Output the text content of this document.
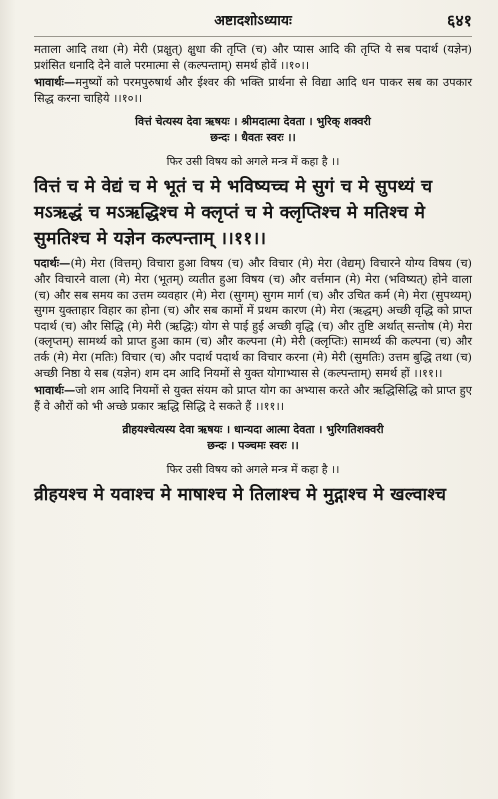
अष्टादशोऽध्यायः	६४१

मताला आदि तथा (मे) मेरी (प्रक्षुत्) क्षुधा की तृप्ति (च) और प्यास आदि की तृप्ति ये सब पदार्थ (यज्ञेन) प्रशंसित धनादि देने वाले परमात्मा से (कल्पन्ताम्) समर्थ होवें ।।१०।।

भावार्थः—मनुष्यों को परमपुरुषार्थ और ईश्वर की भक्ति प्रार्थना से विद्या आदि धन पाकर सब का उपकार सिद्ध करना चाहिये ।।१०।।

वित्तं चेत्यस्य देवा ऋषयः । श्रीमदात्मा देवता । भुरिक् शक्वरी

छन्दः । धैवतः स्वरः ।।

फिर उसी विषय को अगले मन्त्र में कहा है ।।

वित्तं च मे वेद्यं च मे भूतं च मे भविष्यच्च मे सुगं च मे सुपथ्यं च
मऽऋद्धं च मऽऋद्धिश्च मे क्लृप्तं च मे क्लृप्तिश्च मे मतिश्च मे
सुमतिश्च मे यज्ञेन कल्पन्ताम् ।।११।।

पदार्थः—(मे) मेरा (वित्तम्) विचारा हुआ विषय (च) और विचार (मे) मेरा (वेद्यम्) विचारने योग्य विषय (च) और विचारने वाला (मे) मेरा (भूतम्) व्यतीत हुआ विषय (च) और वर्त्तमान (मे) मेरा (भविष्यत्) होने वाला (च) और सब समय का उत्तम व्यवहार (मे) मेरा (सुगम्) सुगम मार्ग (च) और उचित कर्म (मे) मेरा (सुपथ्यम्) सुगम युक्ताहार विहार का होना (च) और सब कामों में प्रथम कारण (मे) मेरा (ऋद्धम्) अच्छी वृद्धि को प्राप्त पदार्थ (च) और सिद्धि (मे) मेरी (ऋद्धिः) योग से पाई हुई अच्छी वृद्धि (च) और तुष्टि अर्थात् सन्तोष (मे) मेरा (क्लृप्तम्) सामर्थ्य को प्राप्त हुआ काम (च) और कल्पना (मे) मेरी (क्लृप्तिः) सामर्थ्य की कल्पना (च) और तर्क (मे) मेरा (मतिः) विचार (च) और पदार्थ पदार्थ का विचार करना (मे) मेरी (सुमतिः) उत्तम बुद्धि तथा (च) अच्छी निष्ठा ये सब (यज्ञेन) शम दम आदि नियमों से युक्त योगाभ्यास से (कल्पन्ताम्) समर्थ हों ।।११।।

भावार्थः—जो शम आदि नियमों से युक्त संयम को प्राप्त योग का अभ्यास करते और ऋद्धिसिद्धि को प्राप्त हुए हैं वे औरों को भी अच्छे प्रकार ऋद्धि सिद्धि दे सकते हैं ।।११।।

व्रीहयश्चेत्यस्य देवा ऋषयः । धान्यदा आत्मा देवता । भुरिगतिशक्वरी

छन्दः । पञ्चमः स्वरः ।।

फिर उसी विषय को अगले मन्त्र में कहा है ।।

व्रीहयश्च मे यवाश्च मे माषाश्च मे तिलाश्च मे मुद्गाश्च मे खल्वाश्च
